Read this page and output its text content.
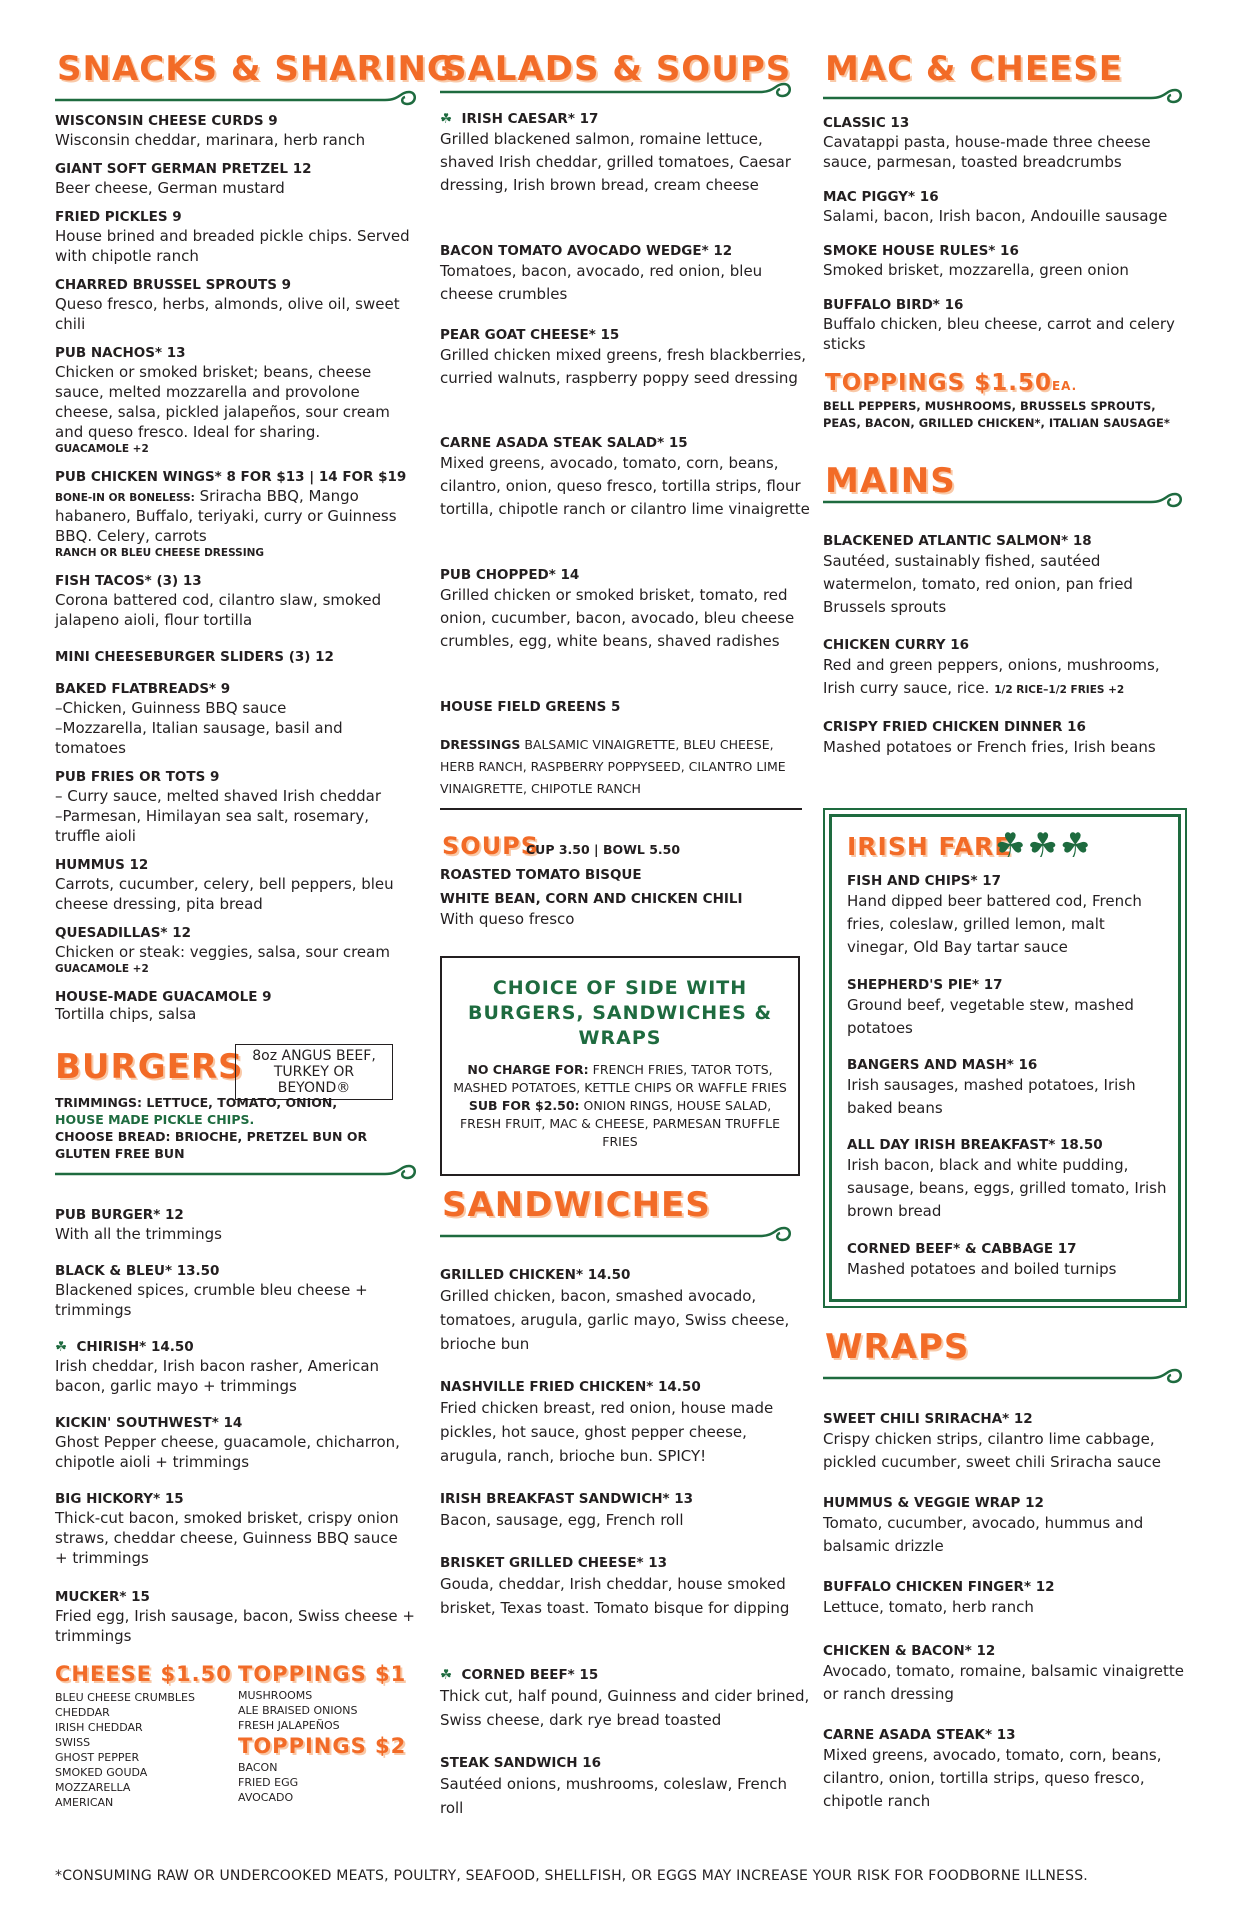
SNACKS & SHARING
WISCONSIN CHEESE CURDS 9
Wisconsin cheddar, marinara, herb ranch
GIANT SOFT GERMAN PRETZEL 12
Beer cheese, German mustard
FRIED PICKLES 9
House brined and breaded pickle chips. Served with chipotle ranch
CHARRED BRUSSEL SPROUTS 9
Queso fresco, herbs, almonds, olive oil, sweet chili
PUB NACHOS* 13
Chicken or smoked brisket; beans, cheese sauce, melted mozzarella and provolone cheese, salsa, pickled jalapeños, sour cream and queso fresco. Ideal for sharing.
GUACAMOLE +2
PUB CHICKEN WINGS* 8 FOR $13 | 14 FOR $19
BONE-IN OR BONELESS: Sriracha BBQ, Mango habanero, Buffalo, teriyaki, curry or Guinness BBQ. Celery, carrots
RANCH OR BLEU CHEESE DRESSING
FISH TACOS* (3) 13
Corona battered cod, cilantro slaw, smoked jalapeno aioli, flour tortilla
MINI CHEESEBURGER SLIDERS (3) 12
BAKED FLATBREADS* 9
–Chicken, Guinness BBQ sauce
–Mozzarella, Italian sausage, basil and tomatoes
PUB FRIES OR TOTS 9
– Curry sauce, melted shaved Irish cheddar
–Parmesan, Himilayan sea salt, rosemary, truffle aioli
HUMMUS 12
Carrots, cucumber, celery, bell peppers, bleu cheese dressing, pita bread
QUESADILLAS* 12
Chicken or steak: veggies, salsa, sour cream
GUACAMOLE +2
HOUSE-MADE GUACAMOLE 9
Tortilla chips, salsa
BURGERS 8oz ANGUS BEEF, TURKEY OR BEYOND®
TRIMMINGS: LETTUCE, TOMATO, ONION,
HOUSE MADE PICKLE CHIPS.
CHOOSE BREAD: BRIOCHE, PRETZEL BUN OR GLUTEN FREE BUN
PUB BURGER* 12
With all the trimmings
BLACK & BLEU* 13.50
Blackened spices, crumble bleu cheese + trimmings
☘ CHIRISH* 14.50
Irish cheddar, Irish bacon rasher, American bacon, garlic mayo + trimmings
KICKIN' SOUTHWEST* 14
Ghost Pepper cheese, guacamole, chicharron, chipotle aioli + trimmings
BIG HICKORY* 15
Thick-cut bacon, smoked brisket, crispy onion straws, cheddar cheese, Guinness BBQ sauce + trimmings
MUCKER* 15
Fried egg, Irish sausage, bacon, Swiss cheese + trimmings
CHEESE $1.50
BLEU CHEESE CRUMBLES
CHEDDAR
IRISH CHEDDAR
SWISS
GHOST PEPPER
SMOKED GOUDA
MOZZARELLA
AMERICAN
TOPPINGS $1
MUSHROOMS
ALE BRAISED ONIONS
FRESH JALAPEÑOS
TOPPINGS $2
BACON
FRIED EGG
AVOCADO
SALADS & SOUPS
☘ IRISH CAESAR* 17
Grilled blackened salmon, romaine lettuce, shaved Irish cheddar, grilled tomatoes, Caesar dressing, Irish brown bread, cream cheese
BACON TOMATO AVOCADO WEDGE* 12
Tomatoes, bacon, avocado, red onion, bleu cheese crumbles
PEAR GOAT CHEESE* 15
Grilled chicken mixed greens, fresh blackberries, curried walnuts, raspberry poppy seed dressing
CARNE ASADA STEAK SALAD* 15
Mixed greens, avocado, tomato, corn, beans, cilantro, onion, queso fresco, tortilla strips, flour tortilla, chipotle ranch or cilantro lime vinaigrette
PUB CHOPPED* 14
Grilled chicken or smoked brisket, tomato, red onion, cucumber, bacon, avocado, bleu cheese crumbles, egg, white beans, shaved radishes
HOUSE FIELD GREENS 5
DRESSINGS BALSAMIC VINAIGRETTE, BLEU CHEESE, HERB RANCH, RASPBERRY POPPYSEED, CILANTRO LIME VINAIGRETTE, CHIPOTLE RANCH
SOUPS
CUP 3.50 | BOWL 5.50
ROASTED TOMATO BISQUE
WHITE BEAN, CORN AND CHICKEN CHILI
With queso fresco
CHOICE OF SIDE WITH BURGERS, SANDWICHES & WRAPS
NO CHARGE FOR: FRENCH FRIES, TATOR TOTS, MASHED POTATOES, KETTLE CHIPS OR WAFFLE FRIES
SUB FOR $2.50: ONION RINGS, HOUSE SALAD, FRESH FRUIT, MAC & CHEESE, PARMESAN TRUFFLE FRIES
SANDWICHES
GRILLED CHICKEN* 14.50
Grilled chicken, bacon, smashed avocado, tomatoes, arugula, garlic mayo, Swiss cheese, brioche bun
NASHVILLE FRIED CHICKEN* 14.50
Fried chicken breast, red onion, house made pickles, hot sauce, ghost pepper cheese, arugula, ranch, brioche bun. SPICY!
IRISH BREAKFAST SANDWICH* 13
Bacon, sausage, egg, French roll
BRISKET GRILLED CHEESE* 13
Gouda, cheddar, Irish cheddar, house smoked brisket, Texas toast. Tomato bisque for dipping
☘ CORNED BEEF* 15
Thick cut, half pound, Guinness and cider brined, Swiss cheese, dark rye bread toasted
STEAK SANDWICH 16
Sautéed onions, mushrooms, coleslaw, French roll
MAC & CHEESE
CLASSIC 13
Cavatappi pasta, house-made three cheese sauce, parmesan, toasted breadcrumbs
MAC PIGGY* 16
Salami, bacon, Irish bacon, Andouille sausage
SMOKE HOUSE RULES* 16
Smoked brisket, mozzarella, green onion
BUFFALO BIRD* 16
Buffalo chicken, bleu cheese, carrot and celery sticks
TOPPINGS $1.50EA.
BELL PEPPERS, MUSHROOMS, BRUSSELS SPROUTS, PEAS, BACON, GRILLED CHICKEN*, ITALIAN SAUSAGE*
MAINS
BLACKENED ATLANTIC SALMON* 18
Sautéed, sustainably fished, sautéed watermelon, tomato, red onion, pan fried Brussels sprouts
CHICKEN CURRY 16
Red and green peppers, onions, mushrooms, Irish curry sauce, rice. 1/2 RICE–1/2 FRIES +2
CRISPY FRIED CHICKEN DINNER 16
Mashed potatoes or French fries, Irish beans
IRISH FARE
☘☘☘
FISH AND CHIPS* 17
Hand dipped beer battered cod, French fries, coleslaw, grilled lemon, malt vinegar, Old Bay tartar sauce
SHEPHERD'S PIE* 17
Ground beef, vegetable stew, mashed potatoes
BANGERS AND MASH* 16
Irish sausages, mashed potatoes, Irish baked beans
ALL DAY IRISH BREAKFAST* 18.50
Irish bacon, black and white pudding, sausage, beans, eggs, grilled tomato, Irish brown bread
CORNED BEEF* & CABBAGE 17
Mashed potatoes and boiled turnips
WRAPS
SWEET CHILI SRIRACHA* 12
Crispy chicken strips, cilantro lime cabbage, pickled cucumber, sweet chili Sriracha sauce
HUMMUS & VEGGIE WRAP 12
Tomato, cucumber, avocado, hummus and balsamic drizzle
BUFFALO CHICKEN FINGER* 12
Lettuce, tomato, herb ranch
CHICKEN & BACON* 12
Avocado, tomato, romaine, balsamic vinaigrette or ranch dressing
CARNE ASADA STEAK* 13
Mixed greens, avocado, tomato, corn, beans, cilantro, onion, tortilla strips, queso fresco, chipotle ranch
*CONSUMING RAW OR UNDERCOOKED MEATS, POULTRY, SEAFOOD, SHELLFISH, OR EGGS MAY INCREASE YOUR RISK FOR FOODBORNE ILLNESS.
